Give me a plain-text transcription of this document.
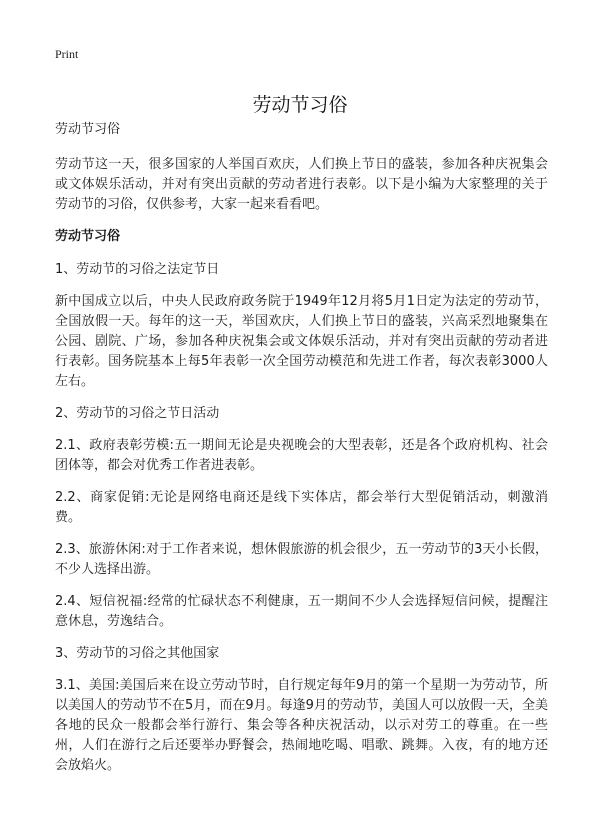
Print
劳动节习俗

劳动节习俗

劳动节这一天，很多国家的人举国百欢庆，人们换上节日的盛装，参加各种庆祝集会或文体娱乐活动，并对有突出贡献的劳动者进行表彰。以下是小编为大家整理的关于劳动节的习俗，仅供参考，大家一起来看看吧。

劳动节习俗

1、劳动节的习俗之法定节日

新中国成立以后，中央人民政府政务院于1949年12月将5月1日定为法定的劳动节，全国放假一天。每年的这一天，举国欢庆，人们换上节日的盛装，兴高采烈地聚集在公园、剧院、广场，参加各种庆祝集会或文体娱乐活动，并对有突出贡献的劳动者进行表彰。国务院基本上每5年表彰一次全国劳动模范和先进工作者，每次表彰3000人左右。

2、劳动节的习俗之节日活动

2.1、政府表彰劳模:五一期间无论是央视晚会的大型表彰，还是各个政府机构、社会团体等，都会对优秀工作者进表彰。

2.2、商家促销:无论是网络电商还是线下实体店，都会举行大型促销活动，刺激消费。

2.3、旅游休闲:对于工作者来说，想休假旅游的机会很少，五一劳动节的3天小长假，不少人选择出游。

2.4、短信祝福:经常的忙碌状态不利健康，五一期间不少人会选择短信问候，提醒注意休息，劳逸结合。

3、劳动节的习俗之其他国家

3.1、美国:美国后来在设立劳动节时，自行规定每年9月的第一个星期一为劳动节，所以美国人的劳动节不在5月，而在9月。每逢9月的劳动节，美国人可以放假一天，全美各地的民众一般都会举行游行、集会等各种庆祝活动，以示对劳工的尊重。在一些州，人们在游行之后还要举办野餐会，热闹地吃喝、唱歌、跳舞。入夜，有的地方还会放焰火。
